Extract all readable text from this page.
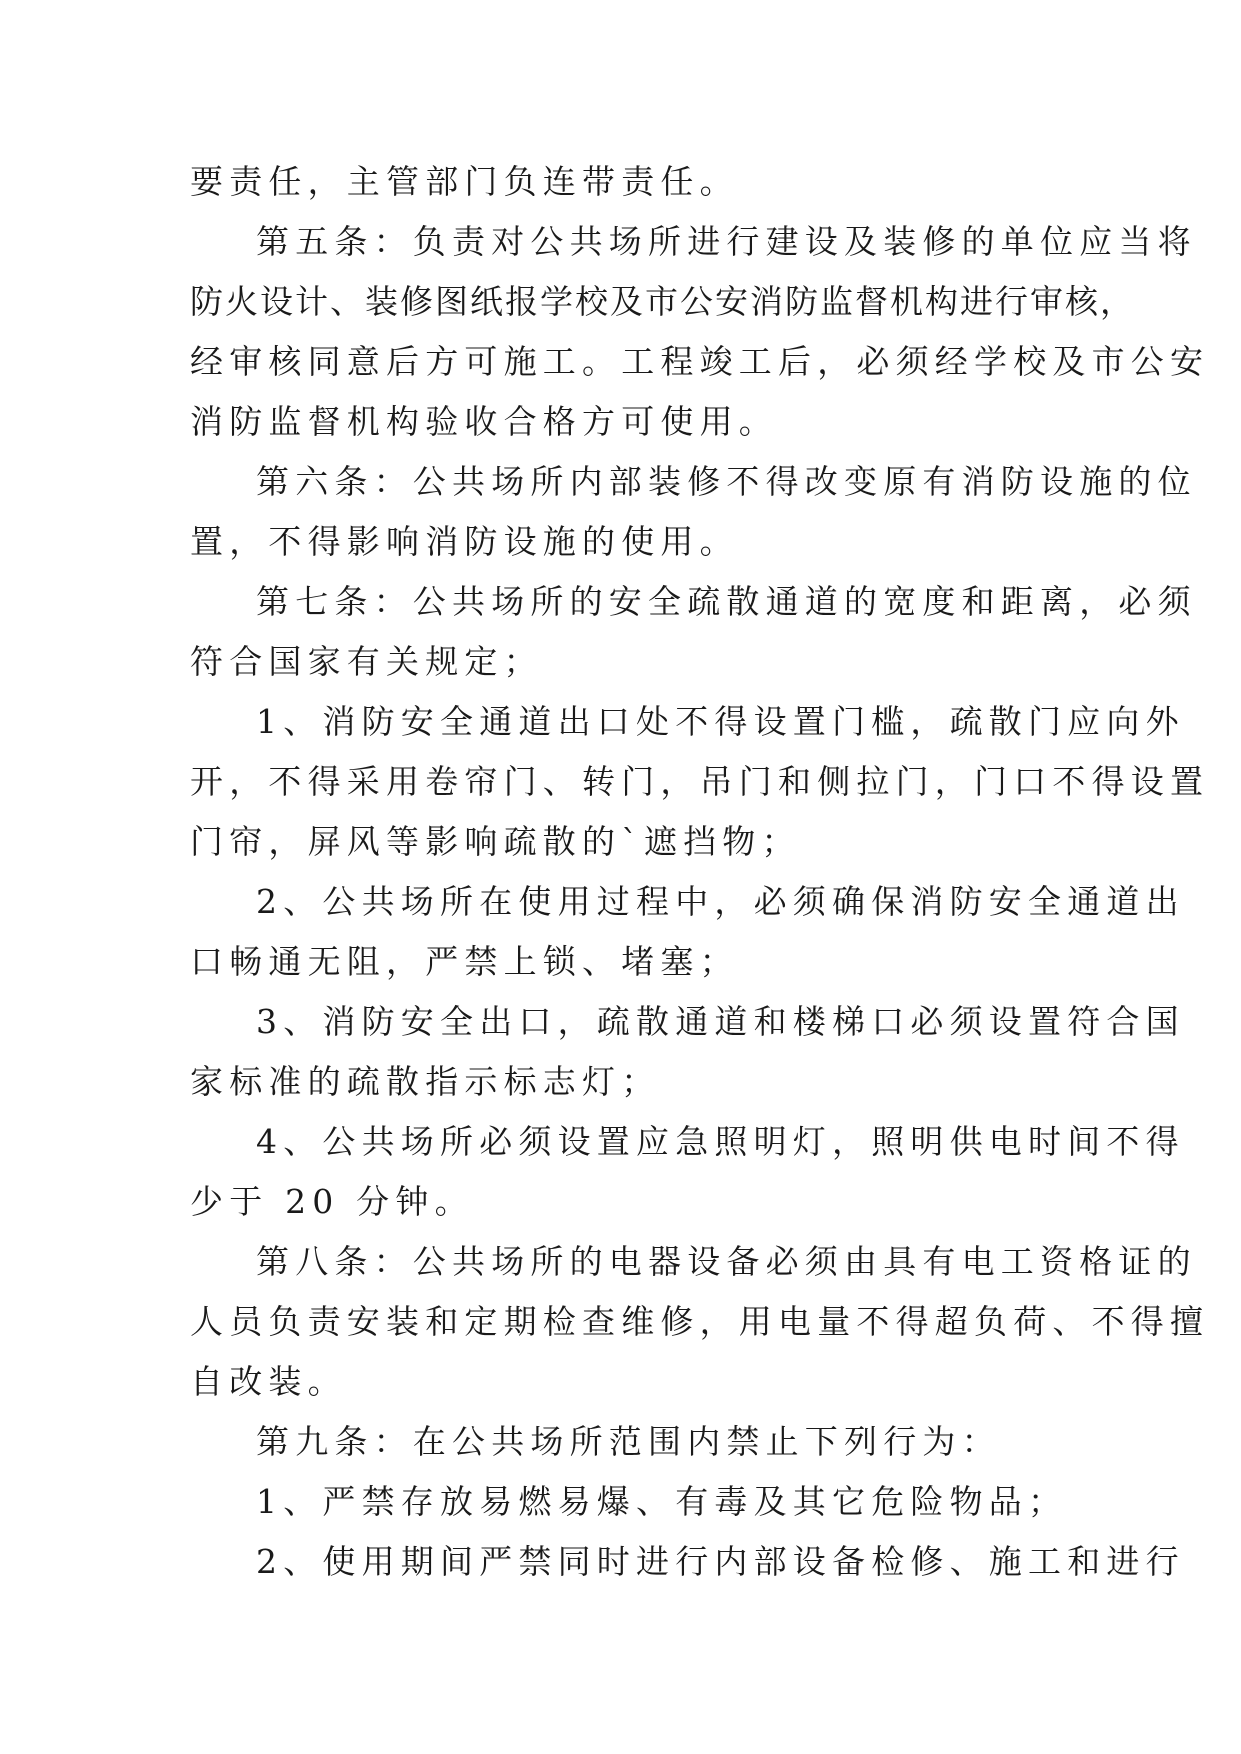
要责任，主管部门负连带责任。
第五条：负责对公共场所进行建设及装修的单位应当将
防火设计、装修图纸报学校及市公安消防监督机构进行审核，
经审核同意后方可施工。工程竣工后，必须经学校及市公安
消防监督机构验收合格方可使用。
第六条：公共场所内部装修不得改变原有消防设施的位
置，不得影响消防设施的使用。
第七条：公共场所的安全疏散通道的宽度和距离，必须
符合国家有关规定；
1、消防安全通道出口处不得设置门槛，疏散门应向外
开，不得采用卷帘门、转门，吊门和侧拉门，门口不得设置
门帘，屏风等影响疏散的`遮挡物；
2、公共场所在使用过程中，必须确保消防安全通道出
口畅通无阻，严禁上锁、堵塞；
3、消防安全出口，疏散通道和楼梯口必须设置符合国
家标准的疏散指示标志灯；
4、公共场所必须设置应急照明灯，照明供电时间不得
少于 20 分钟。
第八条：公共场所的电器设备必须由具有电工资格证的
人员负责安装和定期检查维修，用电量不得超负荷、不得擅
自改装。
第九条：在公共场所范围内禁止下列行为：
1、严禁存放易燃易爆、有毒及其它危险物品；
2、使用期间严禁同时进行内部设备检修、施工和进行
